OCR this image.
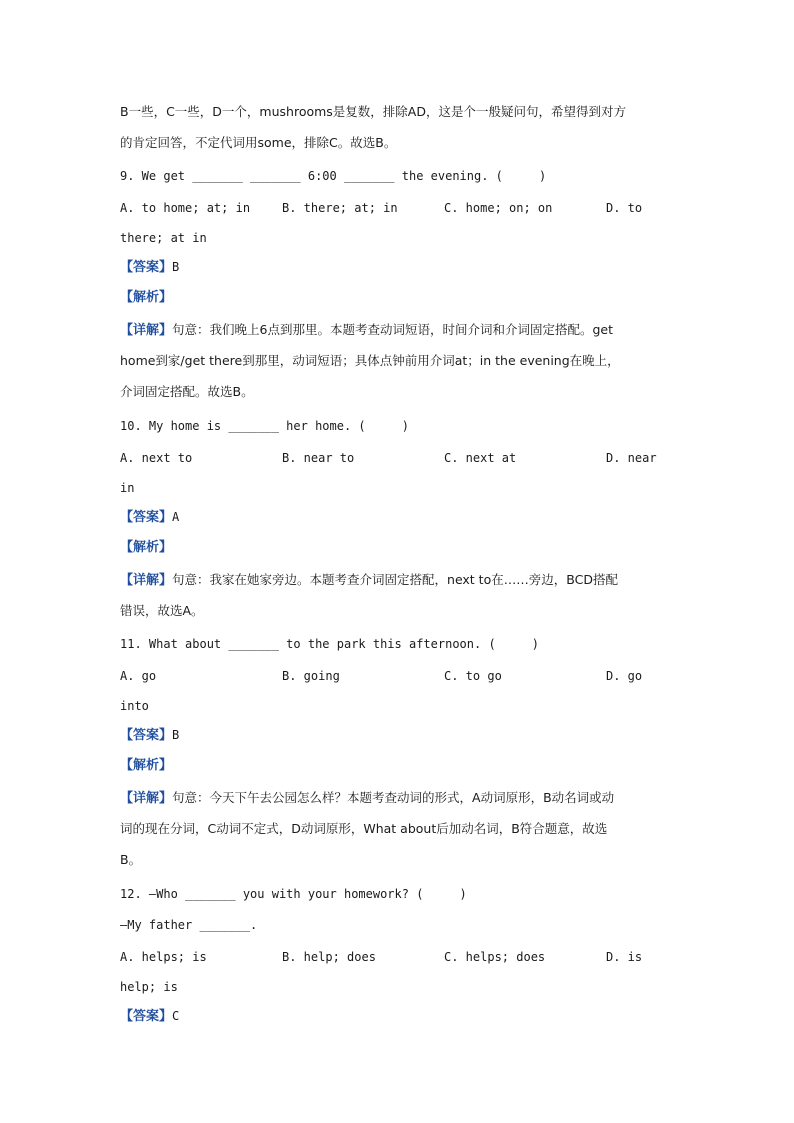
B一些，C一些，D一个，mushrooms是复数，排除AD，这是个一般疑问句，希望得到对方
的肯定回答，不定代词用some，排除C。故选B。
9. We get _______ _______ 6:00 _______ the evening. (     )
A. to home; at; in	B. there; at; in	C. home; on; on	D. to
there; at in
【答案】B
【解析】
【详解】句意：我们晚上6点到那里。本题考查动词短语，时间介词和介词固定搭配。get
home到家/get there到那里，动词短语；具体点钟前用介词at；in the evening在晚上，
介词固定搭配。故选B。
10. My home is _______ her home. (     )
A. next to	B. near to	C. next at	D. near
in
【答案】A
【解析】
【详解】句意：我家在她家旁边。本题考查介词固定搭配，next to在……旁边，BCD搭配
错误，故选A。
11. What about _______ to the park this afternoon. (     )
A. go	B. going	C. to go	D. go
into
【答案】B
【解析】
【详解】句意：今天下午去公园怎么样？本题考查动词的形式，A动词原形，B动名词或动
词的现在分词，C动词不定式，D动词原形，What about后加动名词，B符合题意，故选
B。
12. —Who _______ you with your homework? (     )
—My father _______.
A. helps; is	B. help; does	C. helps; does	D. is
help; is
【答案】C
